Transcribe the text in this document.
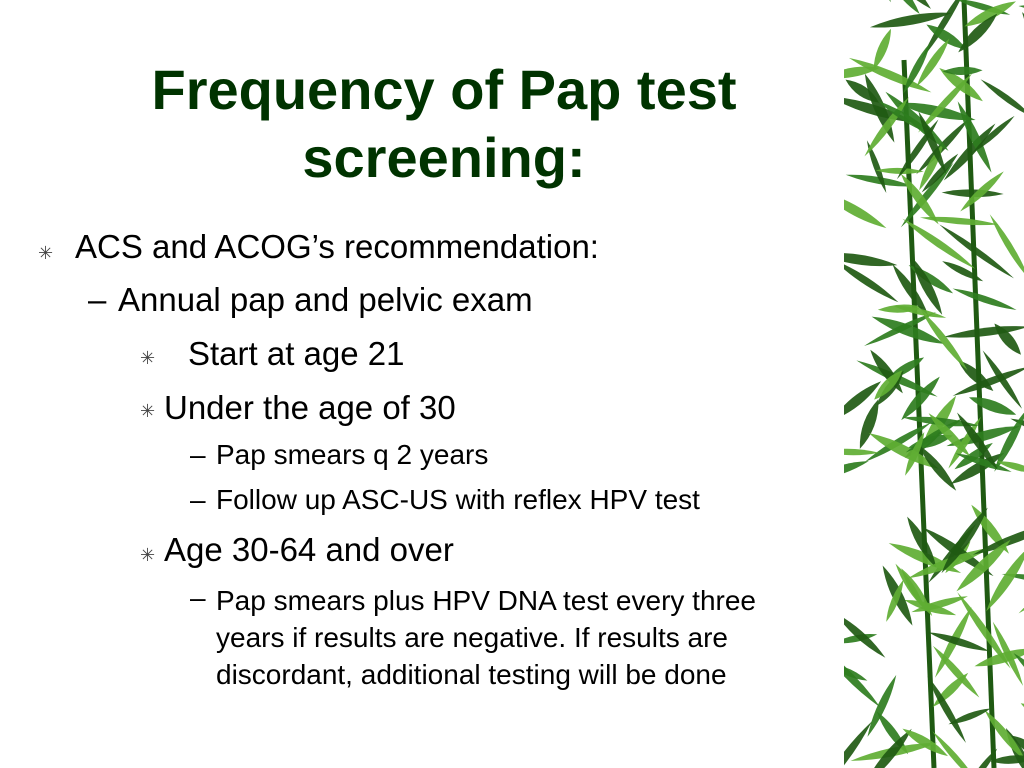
Frequency of Pap test
screening:
✳ ACS and ACOG’s recommendation:
– Annual pap and pelvic exam
✳ Start at age 21
✳ Under the age of 30
– Pap smears q 2 years
– Follow up ASC-US with reflex HPV test
✳ Age 30-64 and over
– Pap smears plus HPV DNA test every three years if results are negative. If results are discordant, additional testing will be done
